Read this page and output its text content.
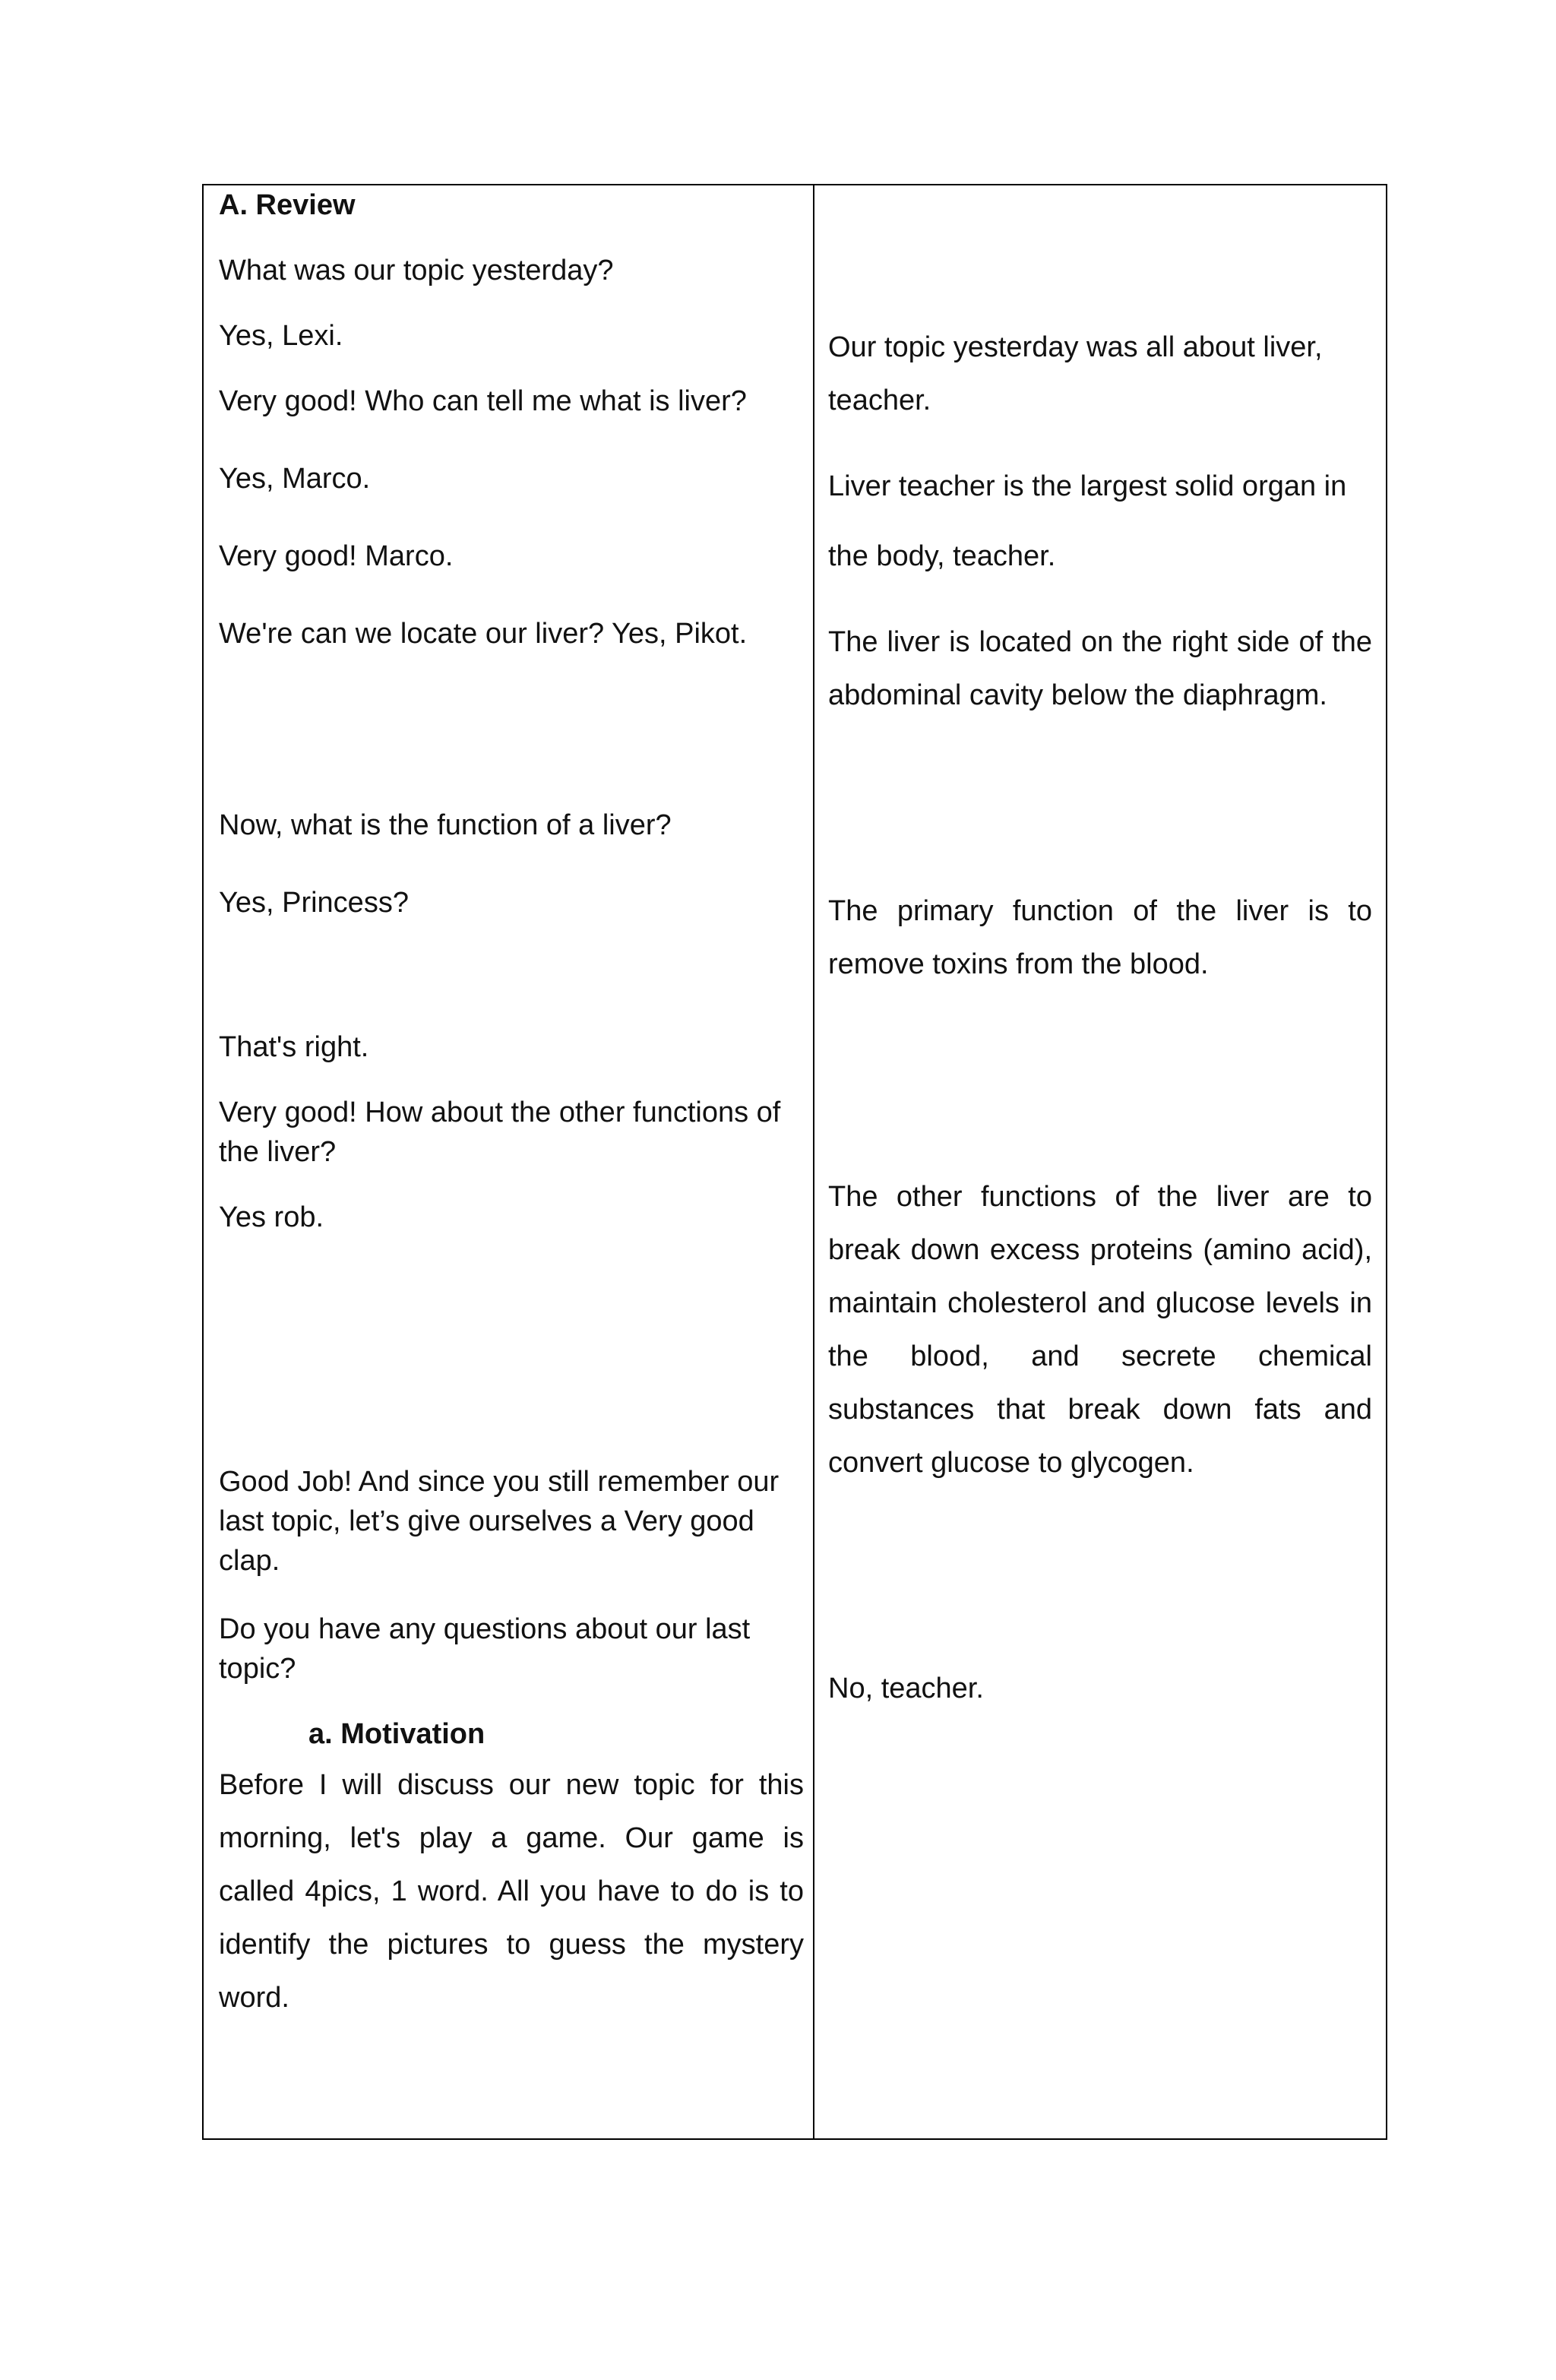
A. Review
What was our topic yesterday?
Yes, Lexi.
Very good! Who can tell me what is liver?
Yes, Marco.
Very good! Marco.
We're can we locate our liver? Yes, Pikot.
Now, what is the function of a liver?
Yes, Princess?
That's right.
Very good! How about the other functions of the liver?
Yes rob.
Good Job! And since you still remember our last topic, let’s give ourselves a Very good clap.
Do you have any questions about our last topic?
a. Motivation
Before I will discuss our new topic for this morning, let's play a game. Our game is called 4pics, 1 word. All you have to do is to identify the pictures to guess the mystery word.
Our topic yesterday was all about liver, teacher.
Liver teacher is the largest solid organ in the body, teacher.
The liver is located on the right side of the abdominal cavity below the diaphragm.
The primary function of the liver is to remove toxins from the blood.
The other functions of the liver are to break down excess proteins (amino acid), maintain cholesterol and glucose levels in the blood, and secrete chemical substances that break down fats and convert glucose to glycogen.
No, teacher.
